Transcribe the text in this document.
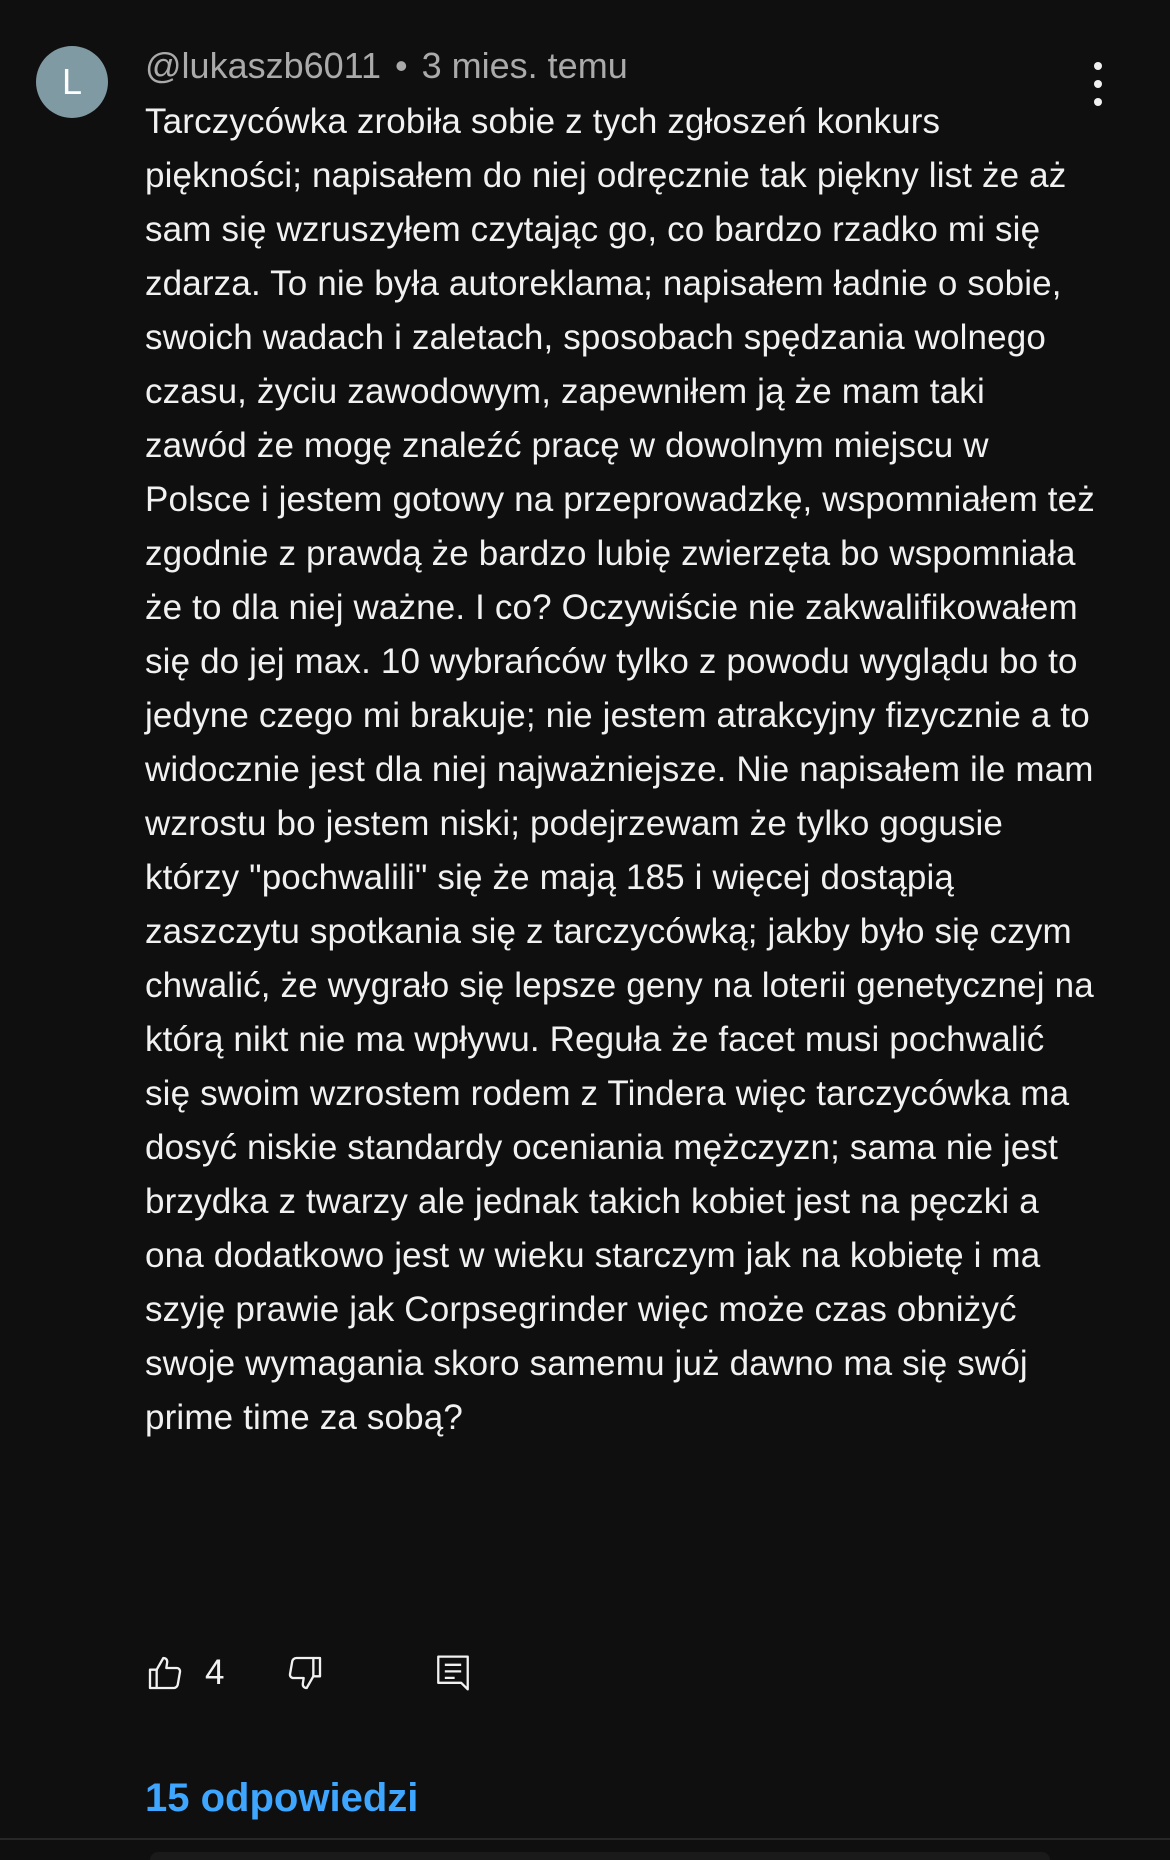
L	@lukaszb6011 • 3 mies. temu
Tarczycówka zrobiła sobie z tych zgłoszeń konkurs piękności; napisałem do niej odręcznie tak piękny list że aż sam się wzruszyłem czytając go, co bardzo rzadko mi się zdarza. To nie była autoreklama; napisałem ładnie o sobie, swoich wadach i zaletach, sposobach spędzania wolnego czasu, życiu zawodowym, zapewniłem ją że mam taki zawód że mogę znaleźć pracę w dowolnym miejscu w Polsce i jestem gotowy na przeprowadzkę, wspomniałem też zgodnie z prawdą że bardzo lubię zwierzęta bo wspomniała że to dla niej ważne. I co? Oczywiście nie zakwalifikowałem się do jej max. 10 wybrańców tylko z powodu wyglądu bo to jedyne czego mi brakuje; nie jestem atrakcyjny fizycznie a to widocznie jest dla niej najważniejsze. Nie napisałem ile mam wzrostu bo jestem niski; podejrzewam że tylko gogusie którzy "pochwalili" się że mają 185 i więcej dostąpią zaszczytu spotkania się z tarczycówką; jakby było się czym chwalić, że wygrało się lepsze geny na loterii genetycznej na którą nikt nie ma wpływu. Reguła że facet musi pochwalić się swoim wzrostem rodem z Tindera więc tarczycówka ma dosyć niskie standardy oceniania mężczyzn; sama nie jest brzydka z twarzy ale jednak takich kobiet jest na pęczki a ona dodatkowo jest w wieku starczym jak na kobietę i ma szyję prawie jak Corpsegrinder więc może czas obniżyć swoje wymagania skoro samemu już dawno ma się swój prime time za sobą?
4
15 odpowiedzi
